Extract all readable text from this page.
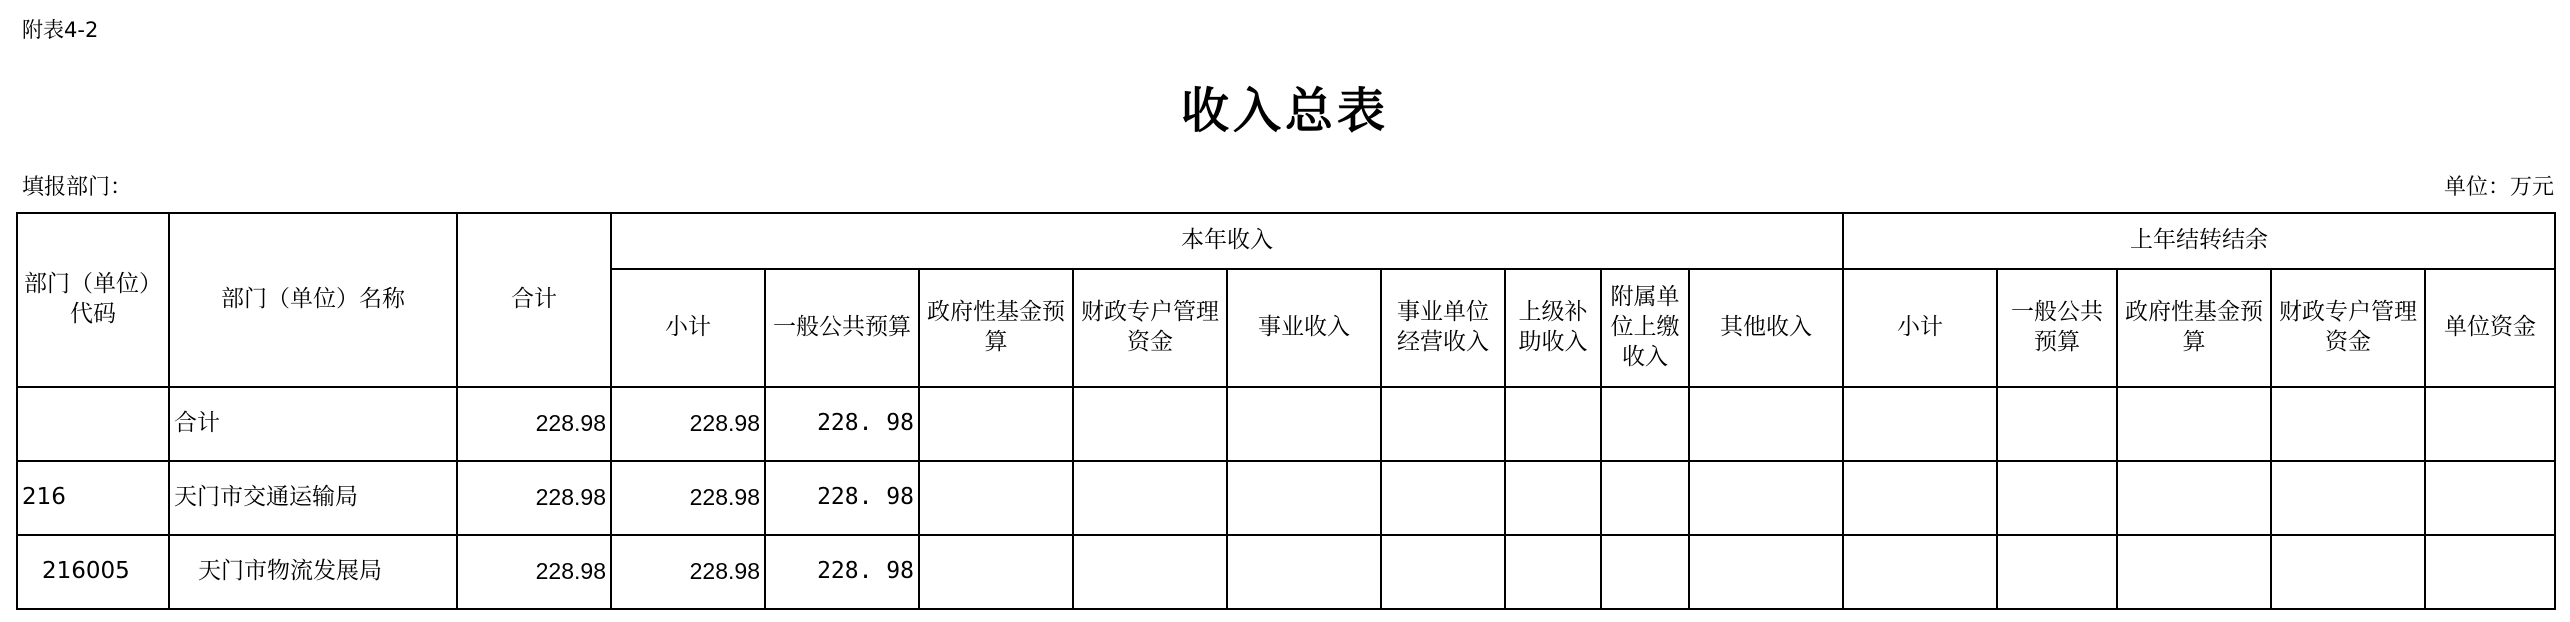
附表4-2
收入总表
填报部门：	单位：万元
部门（单位）代码	部门（单位）名称	合计	本年收入									上年结转结余				
			小计	一般公共预算	政府性基金预算	财政专户管理资金	事业收入	事业单位经营收入	上级补助收入	附属单位上缴收入	其他收入	小计	一般公共预算	政府性基金预算	财政专户管理资金	单位资金
	合计	228.98	228.98	228. 98												
216	天门市交通运输局	228.98	228.98	228. 98												
216005	天门市物流发展局	228.98	228.98	228. 98												
